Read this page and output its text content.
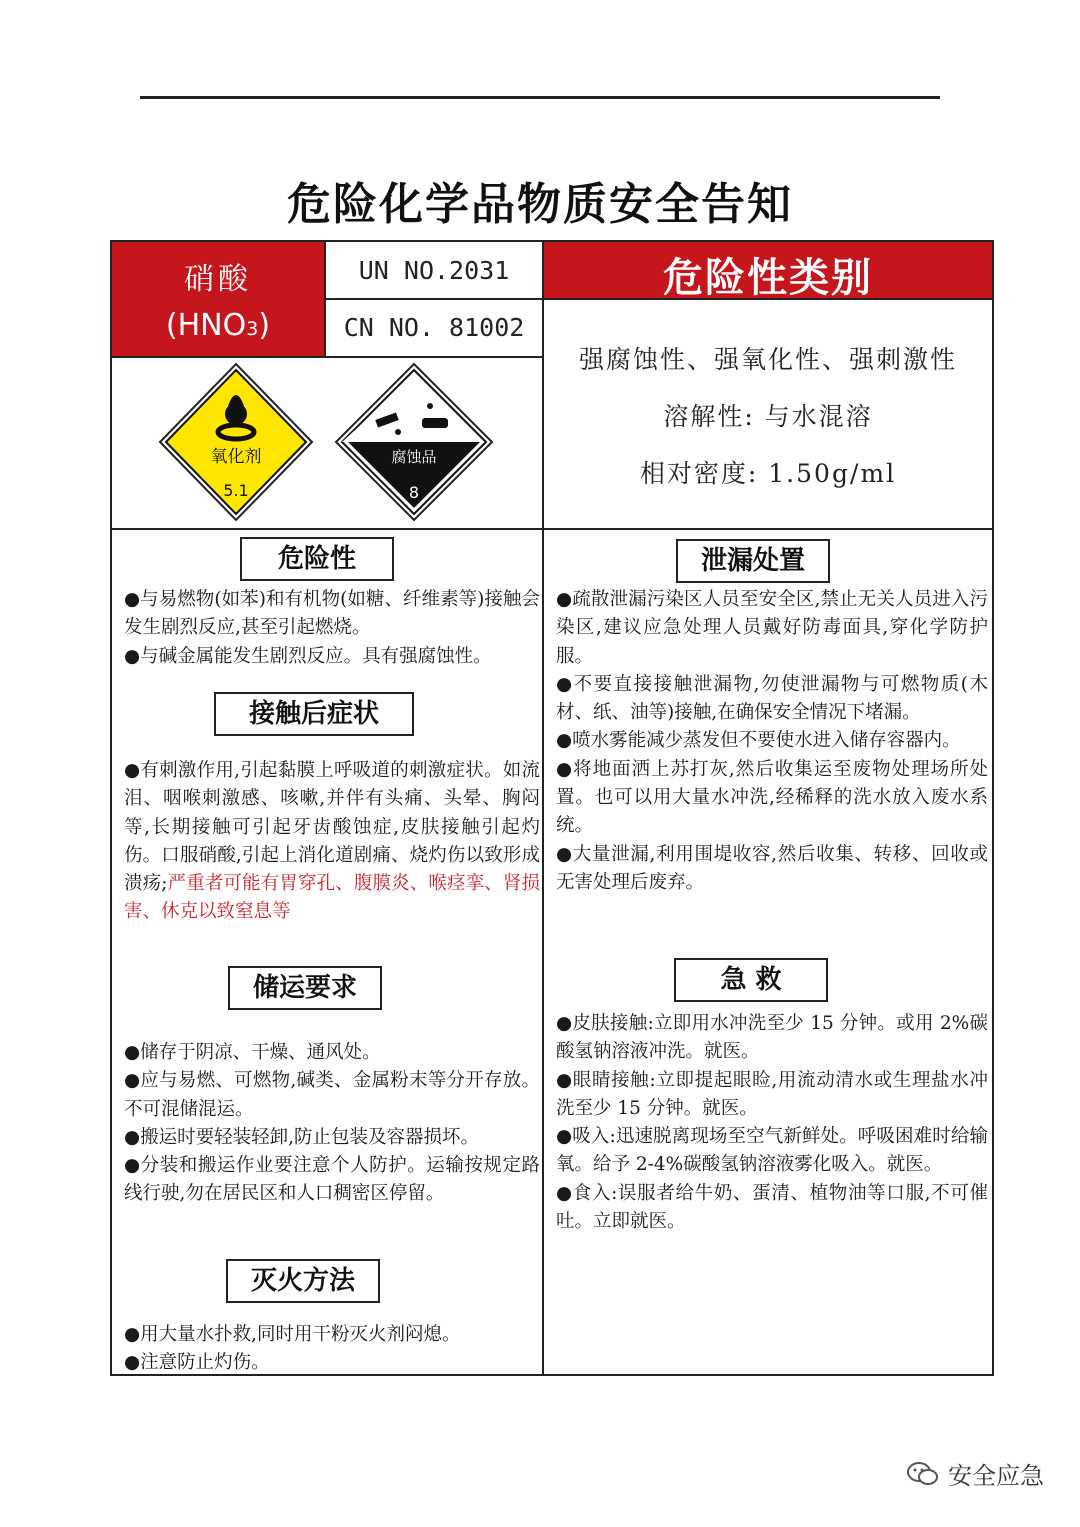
危险化学品物质安全告知
硝酸
(HNO3)
UN NO.2031
CN NO. 81002
危险性类别
强腐蚀性、强氧化性、强刺激性
溶解性: 与水混溶
相对密度: 1.50g/ml
氧化剂
5.1
腐蚀品
8
危险性

●与易燃物(如苯)和有机物(如糖、纤维素等)接触会发生剧烈反应,甚至引起燃烧。

●与碱金属能发生剧烈反应。具有强腐蚀性。

接触后症状

●有刺激作用,引起黏膜上呼吸道的刺激症状。如流泪、咽喉刺激感、咳嗽,并伴有头痛、头晕、胸闷等,长期接触可引起牙齿酸蚀症,皮肤接触引起灼伤。口服硝酸,引起上消化道剧痛、烧灼伤以致形成溃疡;严重者可能有胃穿孔、腹膜炎、喉痉挛、肾损害、休克以致窒息等

储运要求

●储存于阴凉、干燥、通风处。

●应与易燃、可燃物,碱类、金属粉末等分开存放。不可混储混运。

●搬运时要轻装轻卸,防止包装及容器损坏。

●分装和搬运作业要注意个人防护。运输按规定路线行驶,勿在居民区和人口稠密区停留。

灭火方法

●用大量水扑救,同时用干粉灭火剂闷熄。

●注意防止灼伤。

泄漏处置

●疏散泄漏污染区人员至安全区,禁止无关人员进入污染区,建议应急处理人员戴好防毒面具,穿化学防护服。

●不要直接接触泄漏物,勿使泄漏物与可燃物质(木材、纸、油等)接触,在确保安全情况下堵漏。

●喷水雾能减少蒸发但不要使水进入储存容器内。

●将地面洒上苏打灰,然后收集运至废物处理场所处置。也可以用大量水冲洗,经稀释的洗水放入废水系统。

●大量泄漏,利用围堤收容,然后收集、转移、回收或无害处理后废弃。

急 救

●皮肤接触:立即用水冲洗至少 15 分钟。或用 2%碳酸氢钠溶液冲洗。就医。

●眼睛接触:立即提起眼睑,用流动清水或生理盐水冲洗至少 15 分钟。就医。

●吸入:迅速脱离现场至空气新鲜处。呼吸困难时给输氧。给予 2-4%碳酸氢钠溶液雾化吸入。就医。

●食入:误服者给牛奶、蛋清、植物油等口服,不可催吐。立即就医。

安全应急
